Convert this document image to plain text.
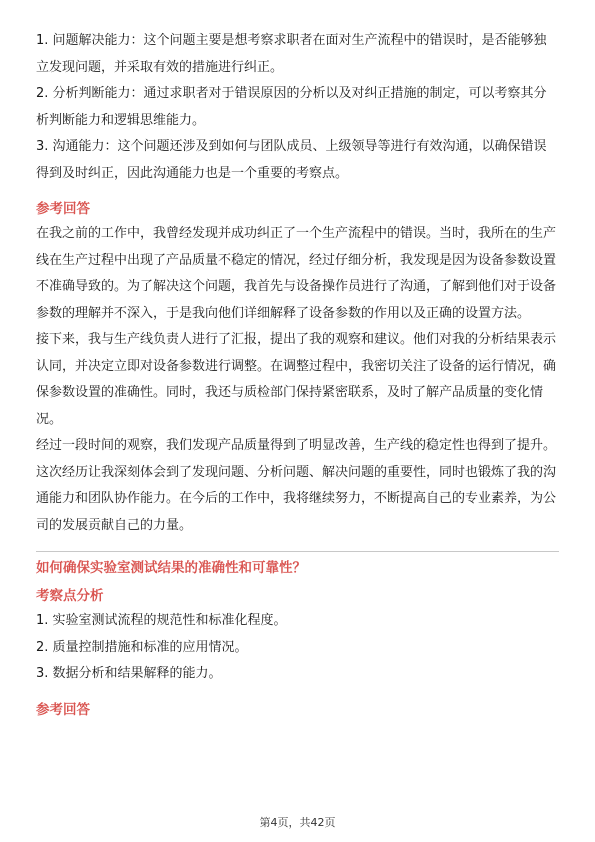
1. 问题解决能力：这个问题主要是想考察求职者在面对生产流程中的错误时，是否能够独立发现问题，并采取有效的措施进行纠正。

2. 分析判断能力：通过求职者对于错误原因的分析以及对纠正措施的制定，可以考察其分析判断能力和逻辑思维能力。

3. 沟通能力：这个问题还涉及到如何与团队成员、上级领导等进行有效沟通，以确保错误得到及时纠正，因此沟通能力也是一个重要的考察点。

参考回答

在我之前的工作中，我曾经发现并成功纠正了一个生产流程中的错误。当时，我所在的生产线在生产过程中出现了产品质量不稳定的情况，经过仔细分析，我发现是因为设备参数设置不准确导致的。为了解决这个问题，我首先与设备操作员进行了沟通，了解到他们对于设备参数的理解并不深入，于是我向他们详细解释了设备参数的作用以及正确的设置方法。

接下来，我与生产线负责人进行了汇报，提出了我的观察和建议。他们对我的分析结果表示认同，并决定立即对设备参数进行调整。在调整过程中，我密切关注了设备的运行情况，确保参数设置的准确性。同时，我还与质检部门保持紧密联系，及时了解产品质量的变化情况。

经过一段时间的观察，我们发现产品质量得到了明显改善，生产线的稳定性也得到了提升。这次经历让我深刻体会到了发现问题、分析问题、解决问题的重要性，同时也锻炼了我的沟通能力和团队协作能力。在今后的工作中，我将继续努力，不断提高自己的专业素养，为公司的发展贡献自己的力量。

如何确保实验室测试结果的准确性和可靠性？

考察点分析

1. 实验室测试流程的规范性和标准化程度。

2. 质量控制措施和标准的应用情况。

3. 数据分析和结果解释的能力。

参考回答

第4页，共42页
